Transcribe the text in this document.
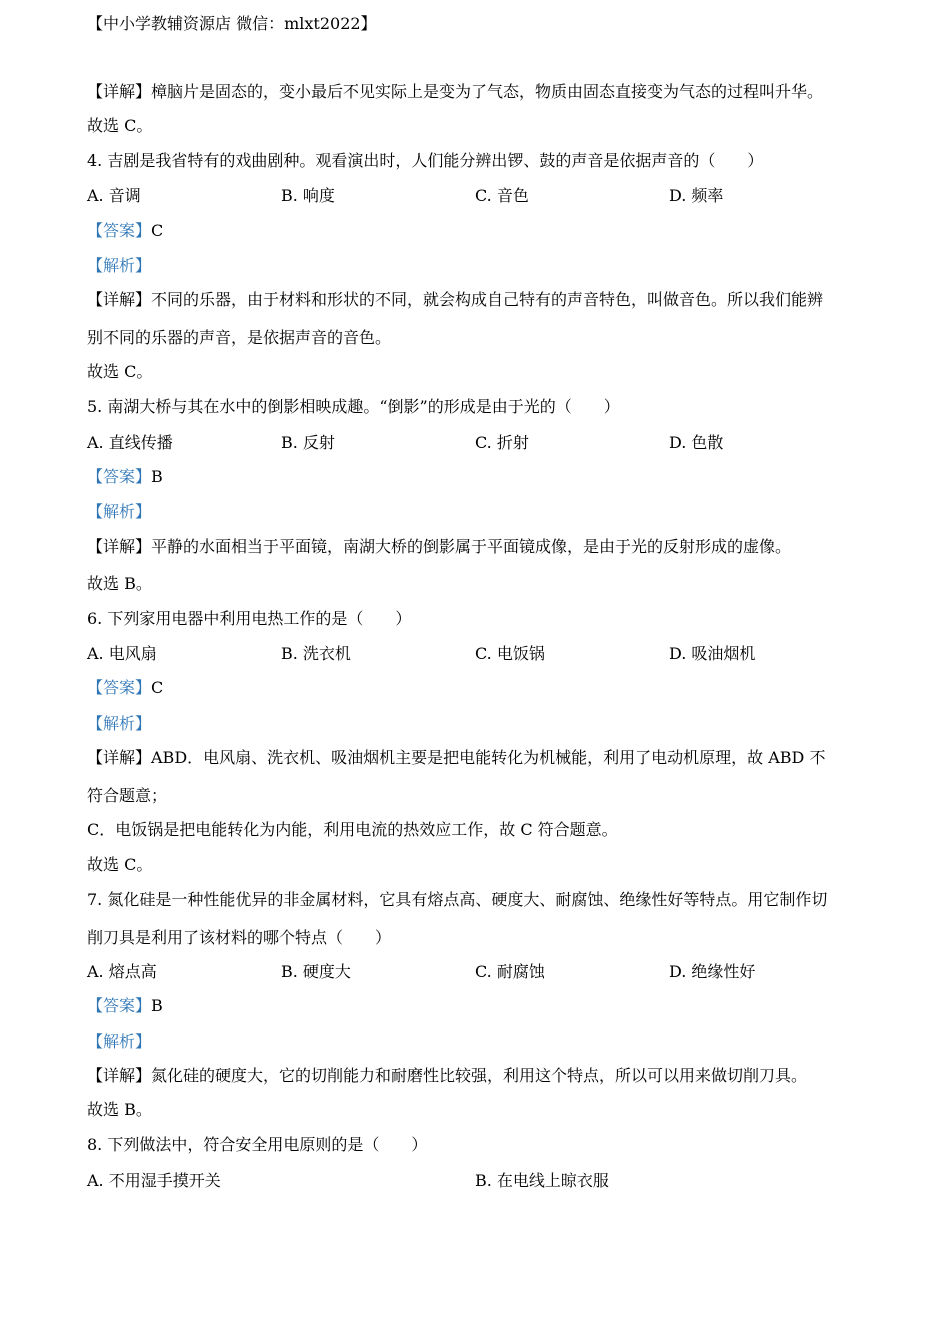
【中小学教辅资源店 微信：mlxt2022】
【详解】樟脑片是固态的，变小最后不见实际上是变为了气态，物质由固态直接变为气态的过程叫升华。
故选 C。
4. 吉剧是我省特有的戏曲剧种。观看演出时，人们能分辨出锣、鼓的声音是依据声音的（　　）
A. 音调	B. 响度	C. 音色	D. 频率
【答案】C
【解析】
【详解】不同的乐器，由于材料和形状的不同，就会构成自己特有的声音特色，叫做音色。所以我们能辨
别不同的乐器的声音，是依据声音的音色。
故选 C。
5. 南湖大桥与其在水中的倒影相映成趣。“倒影”的形成是由于光的（　　）
A. 直线传播	B. 反射	C. 折射	D. 色散
【答案】B
【解析】
【详解】平静的水面相当于平面镜，南湖大桥的倒影属于平面镜成像，是由于光的反射形成的虚像。
故选 B。
6. 下列家用电器中利用电热工作的是（　　）
A. 电风扇	B. 洗衣机	C. 电饭锅	D. 吸油烟机
【答案】C
【解析】
【详解】ABD．电风扇、洗衣机、吸油烟机主要是把电能转化为机械能，利用了电动机原理，故 ABD 不
符合题意；
C．电饭锅是把电能转化为内能，利用电流的热效应工作，故 C 符合题意。
故选 C。
7. 氮化硅是一种性能优异的非金属材料，它具有熔点高、硬度大、耐腐蚀、绝缘性好等特点。用它制作切
削刀具是利用了该材料的哪个特点（　　）
A. 熔点高	B. 硬度大	C. 耐腐蚀	D. 绝缘性好
【答案】B
【解析】
【详解】氮化硅的硬度大，它的切削能力和耐磨性比较强，利用这个特点，所以可以用来做切削刀具。
故选 B。
8. 下列做法中，符合安全用电原则的是（　　）
A. 不用湿手摸开关	B. 在电线上晾衣服
